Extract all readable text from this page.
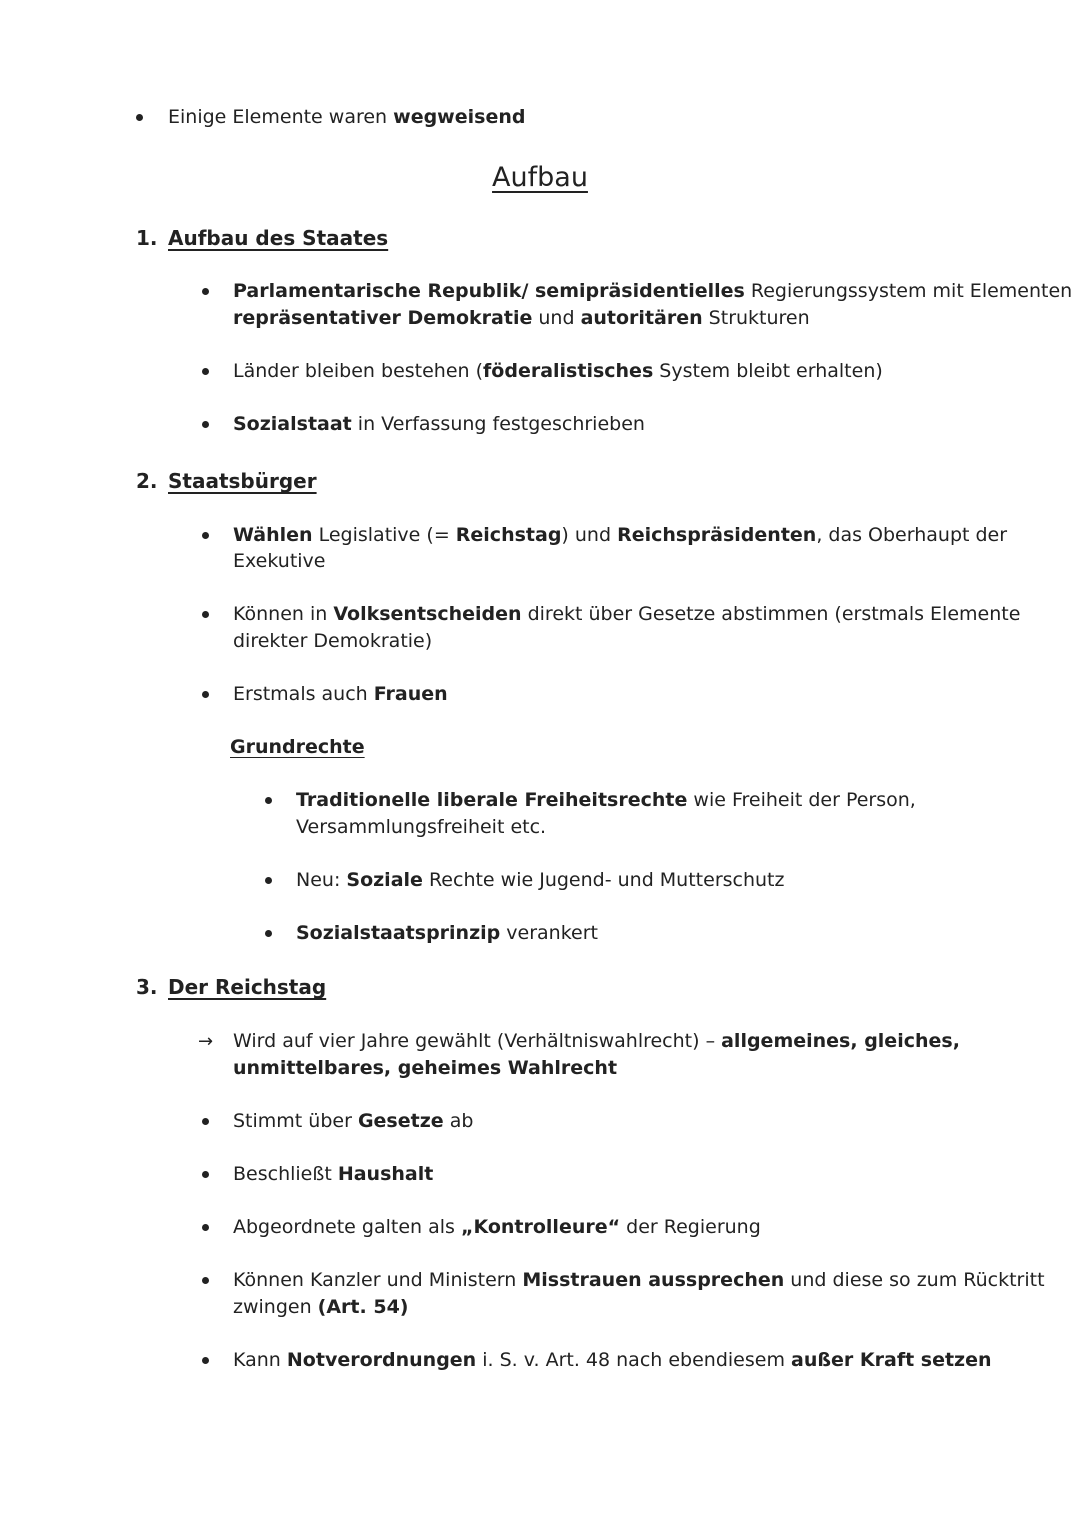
Einige Elemente waren wegweisend
Aufbau
1. Aufbau des Staates
Parlamentarische Republik/ semipräsidentielles Regierungssystem mit Elementen
repräsentativer Demokratie und autoritären Strukturen
Länder bleiben bestehen (föderalistisches System bleibt erhalten)
Sozialstaat in Verfassung festgeschrieben
2. Staatsbürger
Wählen Legislative (= Reichstag) und Reichspräsidenten, das Oberhaupt der
Exekutive
Können in Volksentscheiden direkt über Gesetze abstimmen (erstmals Elemente
direkter Demokratie)
Erstmals auch Frauen
Grundrechte
Traditionelle liberale Freiheitsrechte wie Freiheit der Person,
Versammlungsfreiheit etc.
Neu: Soziale Rechte wie Jugend- und Mutterschutz
Sozialstaatsprinzip verankert
3. Der Reichstag
→ Wird auf vier Jahre gewählt (Verhältniswahlrecht) – allgemeines, gleiches,
unmittelbares, geheimes Wahlrecht
Stimmt über Gesetze ab
Beschließt Haushalt
Abgeordnete galten als „Kontrolleure“ der Regierung
Können Kanzler und Ministern Misstrauen aussprechen und diese so zum Rücktritt
zwingen (Art. 54)
Kann Notverordnungen i. S. v. Art. 48 nach ebendiesem außer Kraft setzen
